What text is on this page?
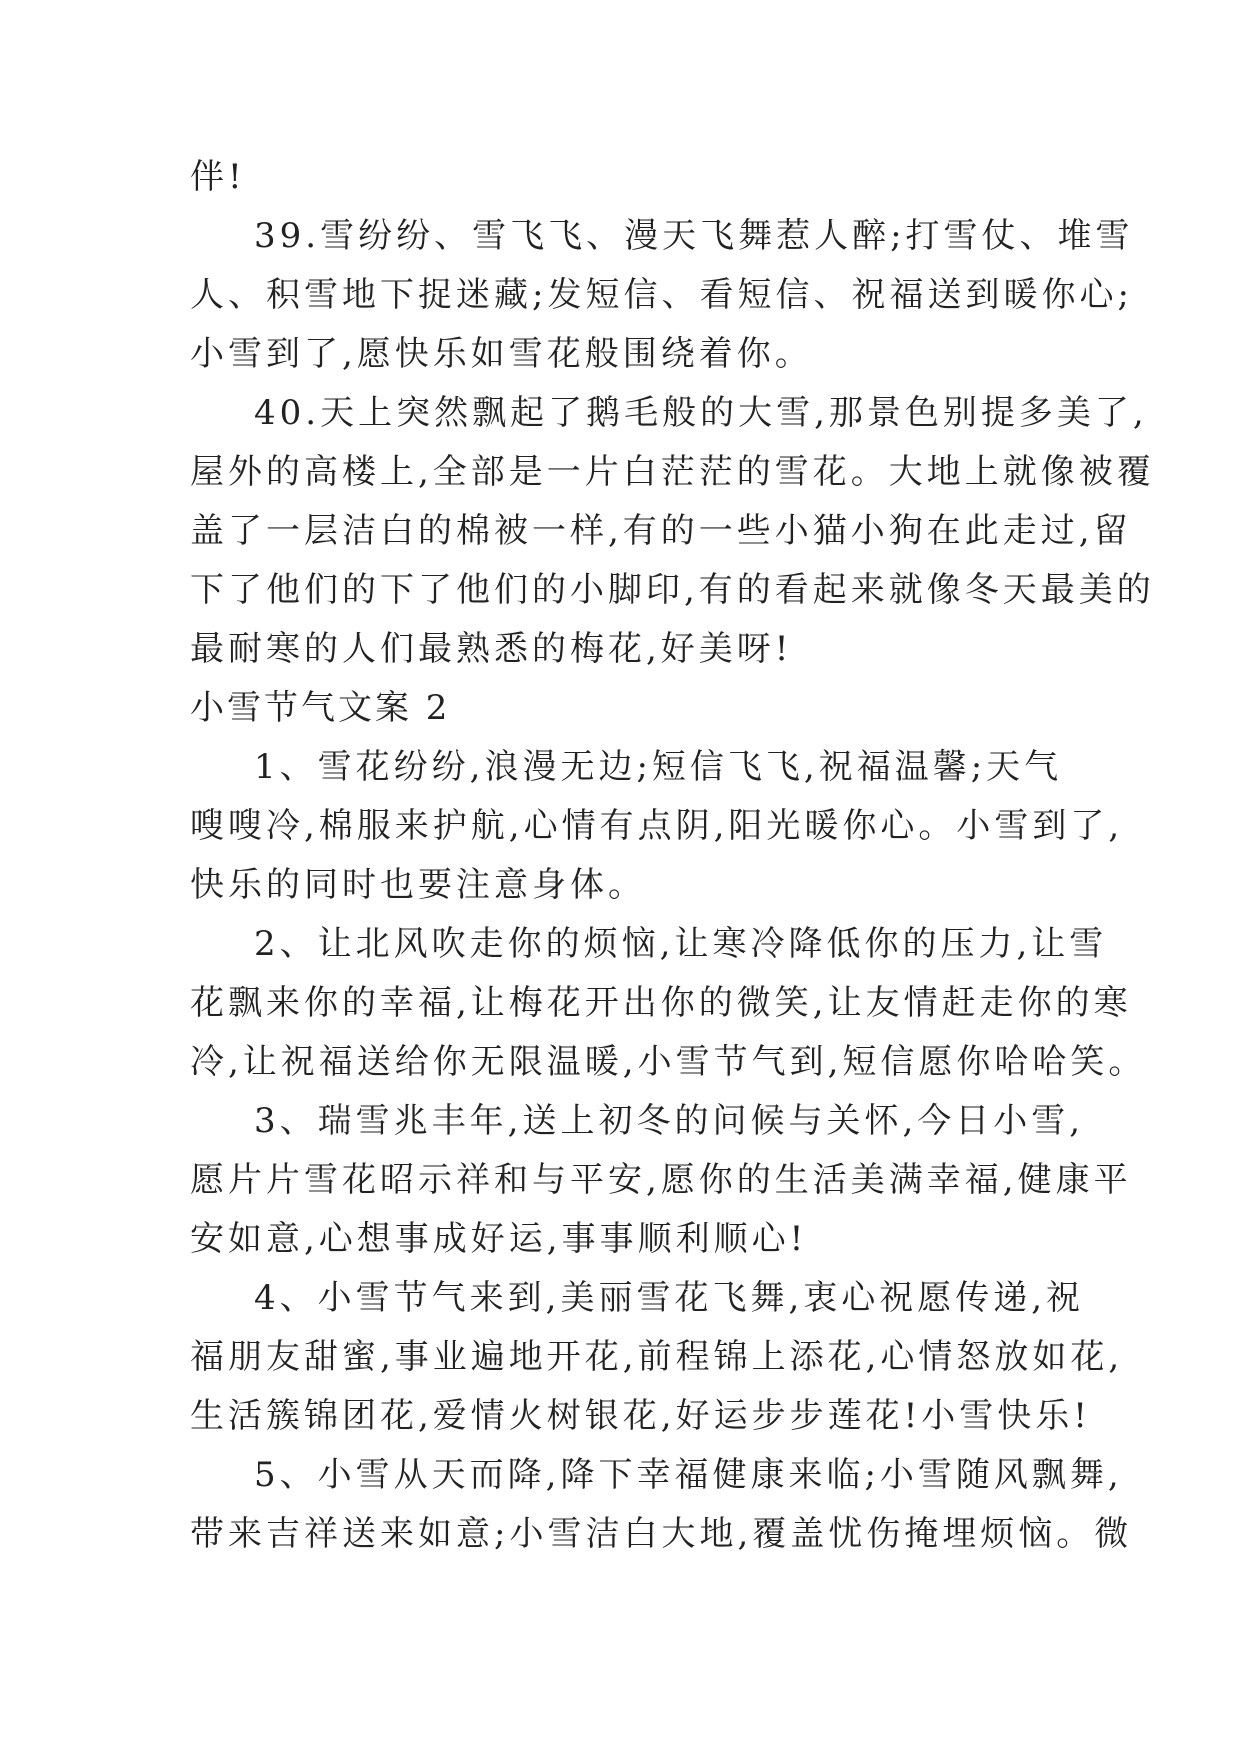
伴!
39.雪纷纷、雪飞飞、漫天飞舞惹人醉;打雪仗、堆雪
人、积雪地下捉迷藏;发短信、看短信、祝福送到暖你心;
小雪到了,愿快乐如雪花般围绕着你。
40.天上突然飘起了鹅毛般的大雪,那景色别提多美了,
屋外的高楼上,全部是一片白茫茫的雪花。大地上就像被覆
盖了一层洁白的棉被一样,有的一些小猫小狗在此走过,留
下了他们的下了他们的小脚印,有的看起来就像冬天最美的
最耐寒的人们最熟悉的梅花,好美呀!
小雪节气文案 2
1、雪花纷纷,浪漫无边;短信飞飞,祝福温馨;天气
嗖嗖冷,棉服来护航,心情有点阴,阳光暖你心。小雪到了,
快乐的同时也要注意身体。
2、让北风吹走你的烦恼,让寒冷降低你的压力,让雪
花飘来你的幸福,让梅花开出你的微笑,让友情赶走你的寒
冷,让祝福送给你无限温暖,小雪节气到,短信愿你哈哈笑。
3、瑞雪兆丰年,送上初冬的问候与关怀,今日小雪,
愿片片雪花昭示祥和与平安,愿你的生活美满幸福,健康平
安如意,心想事成好运,事事顺利顺心!
4、小雪节气来到,美丽雪花飞舞,衷心祝愿传递,祝
福朋友甜蜜,事业遍地开花,前程锦上添花,心情怒放如花,
生活簇锦团花,爱情火树银花,好运步步莲花!小雪快乐!
5、小雪从天而降,降下幸福健康来临;小雪随风飘舞,
带来吉祥送来如意;小雪洁白大地,覆盖忧伤掩埋烦恼。微
